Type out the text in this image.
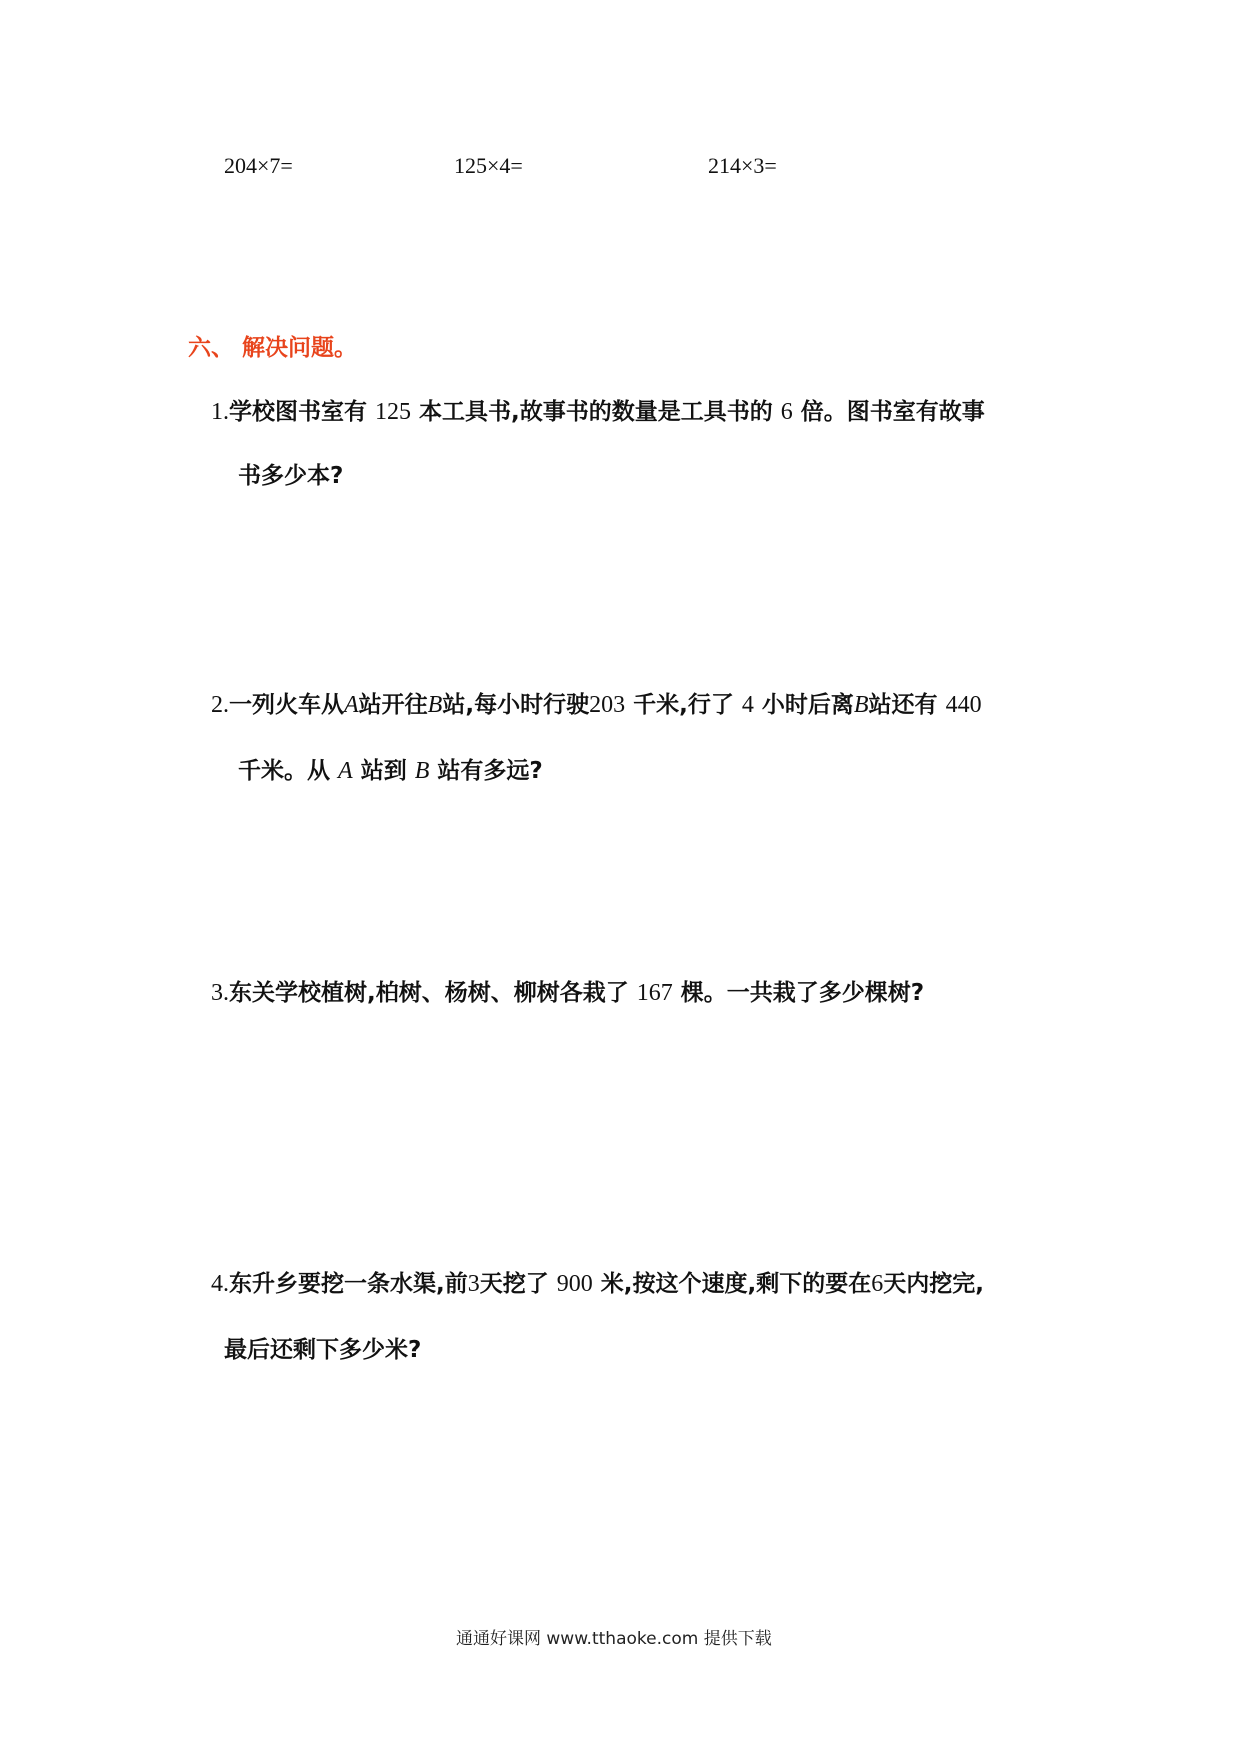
204×7=	125×4=	214×3=
六、 解决问题。
1.学校图书室有 125 本工具书,故事书的数量是工具书的 6 倍。图书室有故事
书多少本?
2.一列火车从A站开往B站,每小时行驶203 千米,行了 4 小时后离B站还有 440
千米。从 A 站到 B 站有多远?
3.东关学校植树,柏树、杨树、柳树各栽了 167 棵。一共栽了多少棵树?
4.东升乡要挖一条水渠,前3天挖了 900 米,按这个速度,剩下的要在6天内挖完,
最后还剩下多少米?
通通好课网 www.tthaoke.com 提供下载
